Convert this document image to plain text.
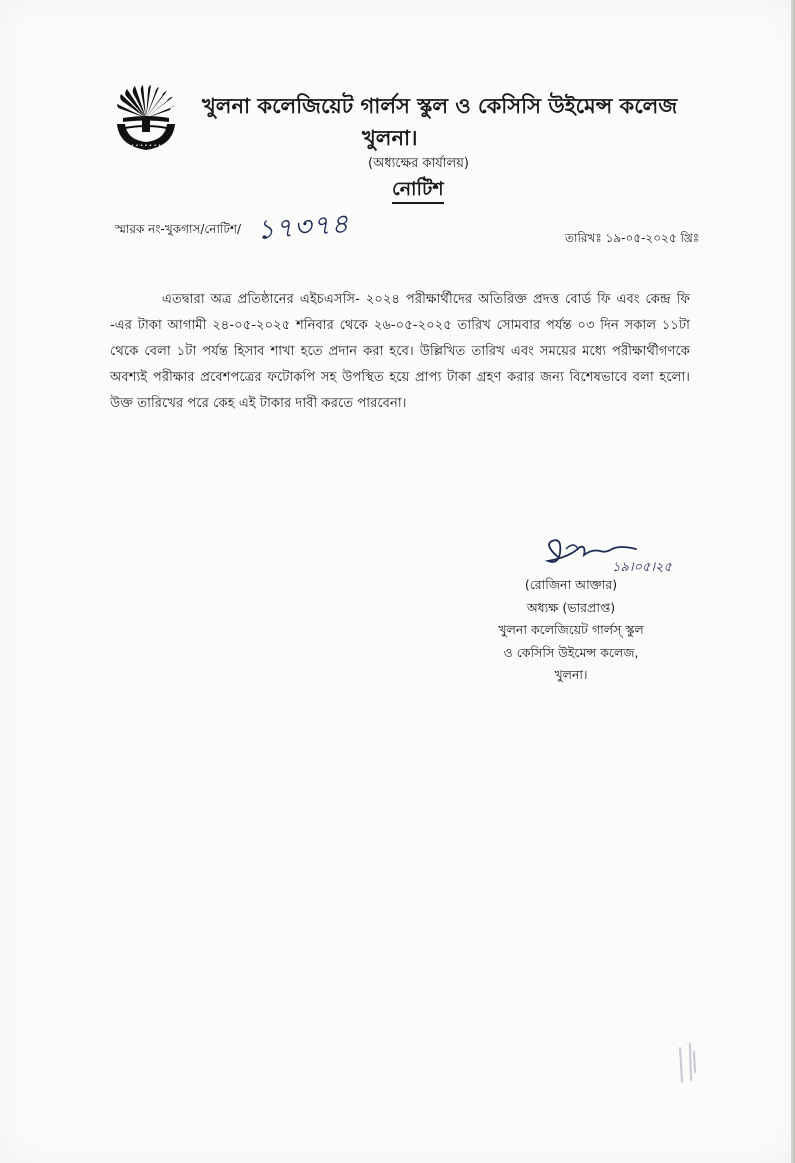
• • • • • • •
খুলনা কলেজিয়েট গার্লস স্কুল ও কেসিসি উইমেন্স কলেজ
খুলনা।
(অধ্যক্ষের কার্যালয়)
নোটিশ
স্মারক নং-খুকগাস/নোটিশ/ ১৭৩৭৪	তারিখঃ ১৯-০৫-২০২৫ খ্রিঃ

এতদ্বারা অত্র প্রতিষ্ঠানের এইচএসসি- ২০২৪ পরীক্ষার্থীদের অতিরিক্ত প্রদত্ত বোর্ড ফি এবং কেন্দ্র ফি -এর টাকা আগামী ২৪-০৫-২০২৫ শনিবার থেকে ২৬-০৫-২০২৫ তারিখ সোমবার পর্যন্ত ০৩ দিন সকাল ১১টা থেকে বেলা ১টা পর্যন্ত হিসাব শাখা হতে প্রদান করা হবে। উল্লিখিত তারিখ এবং সময়ের মধ্যে পরীক্ষার্থীগণকে অবশ্যই পরীক্ষার প্রবেশপত্রের ফটোকপি সহ উপস্থিত হয়ে প্রাপ্য টাকা গ্রহণ করার জন্য বিশেষভাবে বলা হলো। উক্ত তারিখের পরে কেহ এই টাকার দাবী করতে পারবেনা।

১৯।০৫।২৫
(রোজিনা আক্তার)
অধ্যক্ষ (ভারপ্রাপ্ত)
খুলনা কলেজিয়েট গার্লস্ স্কুল
ও কেসিসি উইমেন্স কলেজ,
খুলনা।
